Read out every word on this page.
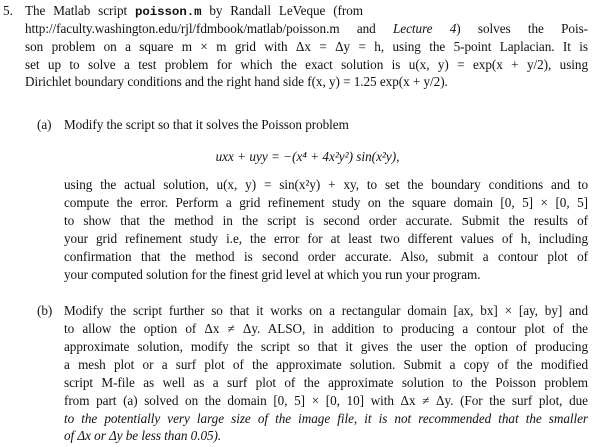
5. The Matlab script poisson.m by Randall LeVeque (from
http://faculty.washington.edu/rjl/fdmbook/matlab/poisson.m and Lecture 4) solves the Pois-
son problem on a square m × m grid with Δx = Δy = h, using the 5-point Laplacian. It is
set up to solve a test problem for which the exact solution is u(x, y) = exp(x + y/2), using
Dirichlet boundary conditions and the right hand side f(x, y) = 1.25 exp(x + y/2).
(a) Modify the script so that it solves the Poisson problem
uxx + uyy = −(x⁴ + 4x²y²) sin(x²y),
using the actual solution, u(x, y) = sin(x²y) + xy, to set the boundary conditions and to
compute the error. Perform a grid refinement study on the square domain [0, 5] × [0, 5]
to show that the method in the script is second order accurate. Submit the results of
your grid refinement study i.e, the error for at least two different values of h, including
confirmation that the method is second order accurate. Also, submit a contour plot of
your computed solution for the finest grid level at which you run your program.
(b) Modify the script further so that it works on a rectangular domain [ax, bx] × [ay, by] and
to allow the option of Δx ≠ Δy. ALSO, in addition to producing a contour plot of the
approximate solution, modify the script so that it gives the user the option of producing
a mesh plot or a surf plot of the approximate solution. Submit a copy of the modified
script M-file as well as a surf plot of the approximate solution to the Poisson problem
from part (a) solved on the domain [0, 5] × [0, 10] with Δx ≠ Δy. (For the surf plot, due
to the potentially very large size of the image file, it is not recommended that the smaller
of Δx or Δy be less than 0.05).
